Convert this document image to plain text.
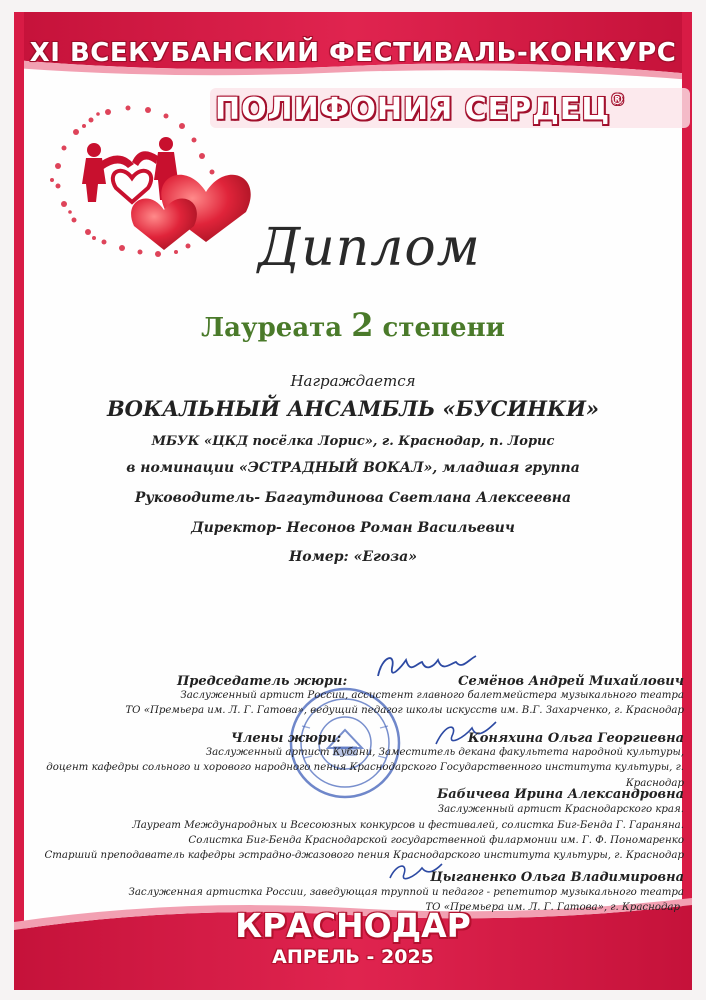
XI ВСЕКУБАНСКИЙ ФЕСТИВАЛЬ-КОНКУРС
ПОЛИФОНИЯ СЕРДЕЦ®
Диплом
Лауреата 2 степени
Награждается
ВОКАЛЬНЫЙ АНСАМБЛЬ «БУСИНКИ»
МБУК «ЦКД посёлка Лорис», г. Краснодар, п. Лорис
в номинации «ЭСТРАДНЫЙ ВОКАЛ», младшая группа
Руководитель- Багаутдинова Светлана Алексеевна
Директор- Несонов Роман Васильевич
Номер: «Егоза»
Председатель жюри:	Семёнов Андрей Михайлович
Заслуженный артист России, ассистент главного балетмейстера музыкального театра
ТО «Премьера им. Л. Г. Гатова», ведущий педагог школы искусств им. В.Г. Захарченко, г. Краснодар
Члены жюри:	Коняхина Ольга Георгиевна
Заслуженный артист Кубани, Заместитель декана факультета народной культуры,
доцент кафедры сольного и хорового народного пения Краснодарского Государственного института культуры, г. Краснодар
Бабичева Ирина Александровна
Заслуженный артист Краснодарского края.
Лауреат Международных и Всесоюзных конкурсов и фестивалей, солистка Биг-Бенда Г. Гараняна.
Солистка Биг-Бенда Краснодарской государственной филармонии им. Г. Ф. Пономаренко
Старший преподаватель кафедры эстрадно-джазового пения Краснодарского института культуры, г. Краснодар
Цыганенко Ольга Владимировна
Заслуженная артистка России, заведующая труппой и педагог - репетитор музыкального театра
ТО «Премьера им. Л. Г. Гатова», г. Краснодар
КРАСНОДАР
АПРЕЛЬ - 2025
